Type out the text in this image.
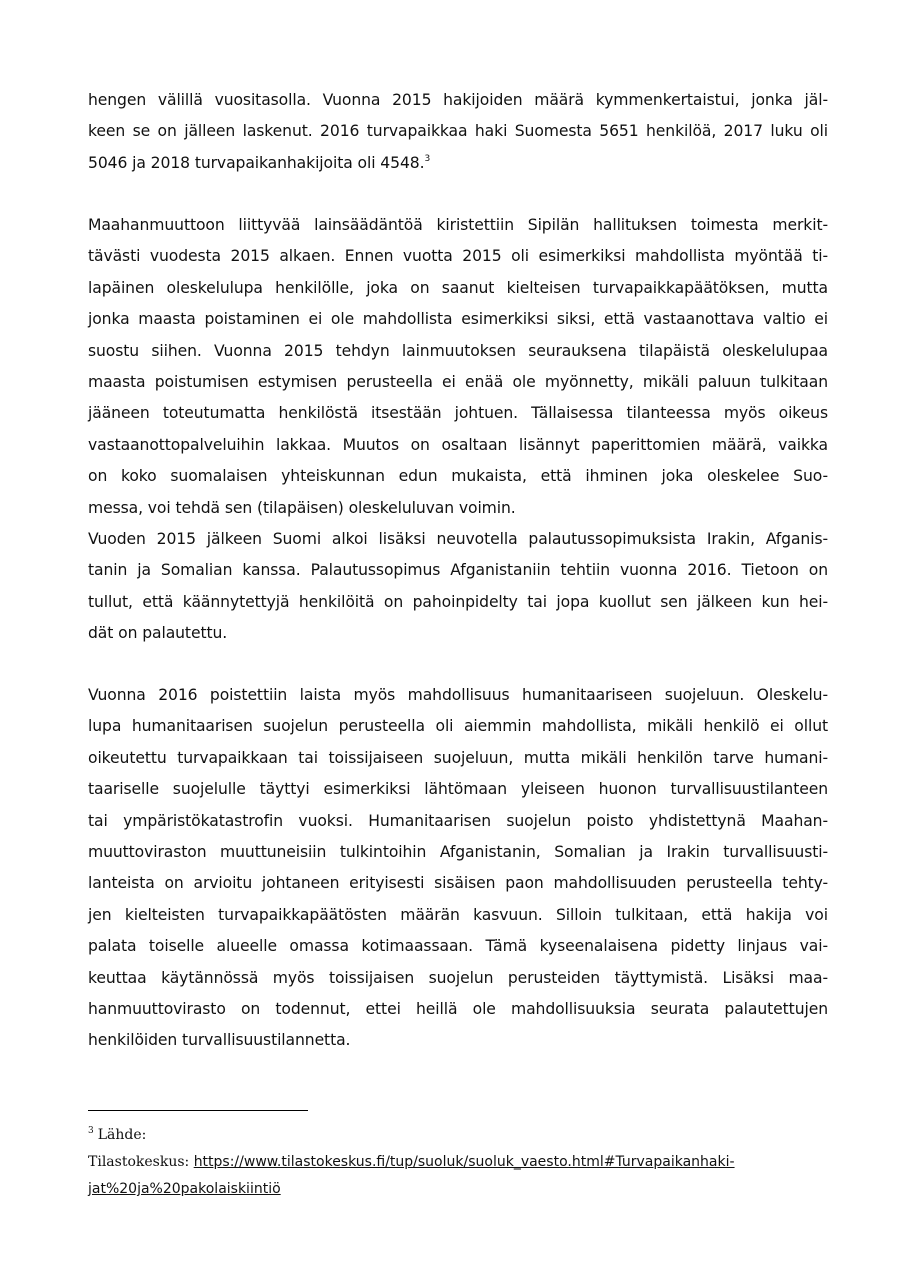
hengen välillä vuositasolla. Vuonna 2015 hakijoiden määrä kymmenkertaistui, jonka jäl-
keen se on jälleen laskenut. 2016 turvapaikkaa haki Suomesta 5651 henkilöä, 2017 luku oli
5046 ja 2018 turvapaikanhakijoita oli 4548.$^3$
Maahanmuuttoon liittyvää lainsäädäntöä kiristettiin Sipilän hallituksen toimesta merkit-
tävästi vuodesta 2015 alkaen. Ennen vuotta 2015 oli esimerkiksi mahdollista myöntää ti-
lapäinen oleskelulupa henkilölle, joka on saanut kielteisen turvapaikkapäätöksen, mutta
jonka maasta poistaminen ei ole mahdollista esimerkiksi siksi, että vastaanottava valtio ei
suostu siihen. Vuonna 2015 tehdyn lainmuutoksen seurauksena tilapäistä oleskelulupaa
maasta poistumisen estymisen perusteella ei enää ole myönnetty, mikäli paluun tulkitaan
jääneen toteutumatta henkilöstä itsestään johtuen. Tällaisessa tilanteessa myös oikeus
vastaanottopalveluihin lakkaa. Muutos on osaltaan lisännyt paperittomien määrä, vaikka
on koko suomalaisen yhteiskunnan edun mukaista, että ihminen joka oleskelee Suo-
messa, voi tehdä sen (tilapäisen) oleskeluluvan voimin.
Vuoden 2015 jälkeen Suomi alkoi lisäksi neuvotella palautussopimuksista Irakin, Afganis-
tanin ja Somalian kanssa. Palautussopimus Afganistaniin tehtiin vuonna 2016. Tietoon on
tullut, että käännytettyjä henkilöitä on pahoinpidelty tai jopa kuollut sen jälkeen kun hei-
dät on palautettu.
Vuonna 2016 poistettiin laista myös mahdollisuus humanitaariseen suojeluun. Oleskelu-
lupa humanitaarisen suojelun perusteella oli aiemmin mahdollista, mikäli henkilö ei ollut
oikeutettu turvapaikkaan tai toissijaiseen suojeluun, mutta mikäli henkilön tarve humani-
taariselle suojelulle täyttyi esimerkiksi lähtömaan yleiseen huonon turvallisuustilanteen
tai ympäristökatastrofin vuoksi. Humanitaarisen suojelun poisto yhdistettynä Maahan-
muuttoviraston muuttuneisiin tulkintoihin Afganistanin, Somalian ja Irakin turvallisuusti-
lanteista on arvioitu johtaneen erityisesti sisäisen paon mahdollisuuden perusteella tehty-
jen kielteisten turvapaikkapäätösten määrän kasvuun. Silloin tulkitaan, että hakija voi
palata toiselle alueelle omassa kotimaassaan. Tämä kyseenalaisena pidetty linjaus vai-
keuttaa käytännössä myös toissijaisen suojelun perusteiden täyttymistä. Lisäksi maa-
hanmuuttovirasto on todennut, ettei heillä ole mahdollisuuksia seurata palautettujen
henkilöiden turvallisuustilannetta.
$^3$ Lähde:
Tilastokeskus: https://www.tilastokeskus.fi/tup/suoluk/suoluk_vaesto.html#Turvapaikanhaki-
jat%20ja%20pakolaiskiintiö
